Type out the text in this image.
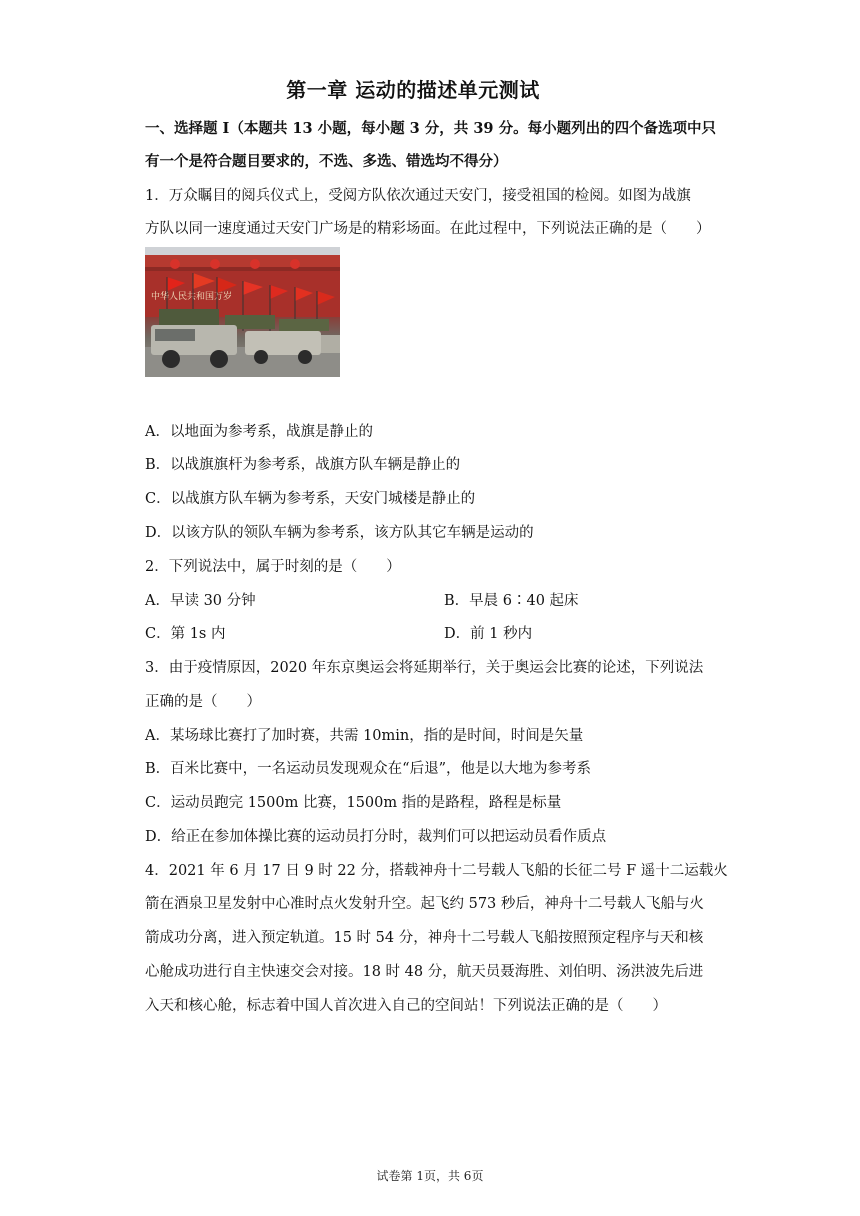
第一章 运动的描述单元测试
一、选择题 I（本题共 13 小题，每小题 3 分，共 39 分。每小题列出的四个备选项中只
有一个是符合题目要求的，不选、多选、错选均不得分）
1．万众瞩目的阅兵仪式上，受阅方队依次通过天安门，接受祖国的检阅。如图为战旗
方队以同一速度通过天安门广场是的精彩场面。在此过程中，下列说法正确的是（　　）
中华人民共和国万岁
A．以地面为参考系，战旗是静止的
B．以战旗旗杆为参考系，战旗方队车辆是静止的
C．以战旗方队车辆为参考系，天安门城楼是静止的
D．以该方队的领队车辆为参考系，该方队其它车辆是运动的
2．下列说法中，属于时刻的是（　　）
A．早读 30 分钟	B．早晨 6∶40 起床
C．第 1s 内	D．前 1 秒内
3．由于疫情原因，2020 年东京奥运会将延期举行，关于奥运会比赛的论述，下列说法
正确的是（　　）
A．某场球比赛打了加时赛，共需 10min，指的是时间，时间是矢量
B．百米比赛中，一名运动员发现观众在“后退”，他是以大地为参考系
C．运动员跑完 1500m 比赛，1500m 指的是路程，路程是标量
D．给正在参加体操比赛的运动员打分时，裁判们可以把运动员看作质点
4．2021 年 6 月 17 日 9 时 22 分，搭载神舟十二号载人飞船的长征二号 F 遥十二运载火
箭在酒泉卫星发射中心准时点火发射升空。起飞约 573 秒后，神舟十二号载人飞船与火
箭成功分离，进入预定轨道。15 时 54 分，神舟十二号载人飞船按照预定程序与天和核
心舱成功进行自主快速交会对接。18 时 48 分，航天员聂海胜、刘伯明、汤洪波先后进
入天和核心舱，标志着中国人首次进入自己的空间站！下列说法正确的是（　　）
试卷第 1页，共 6页
